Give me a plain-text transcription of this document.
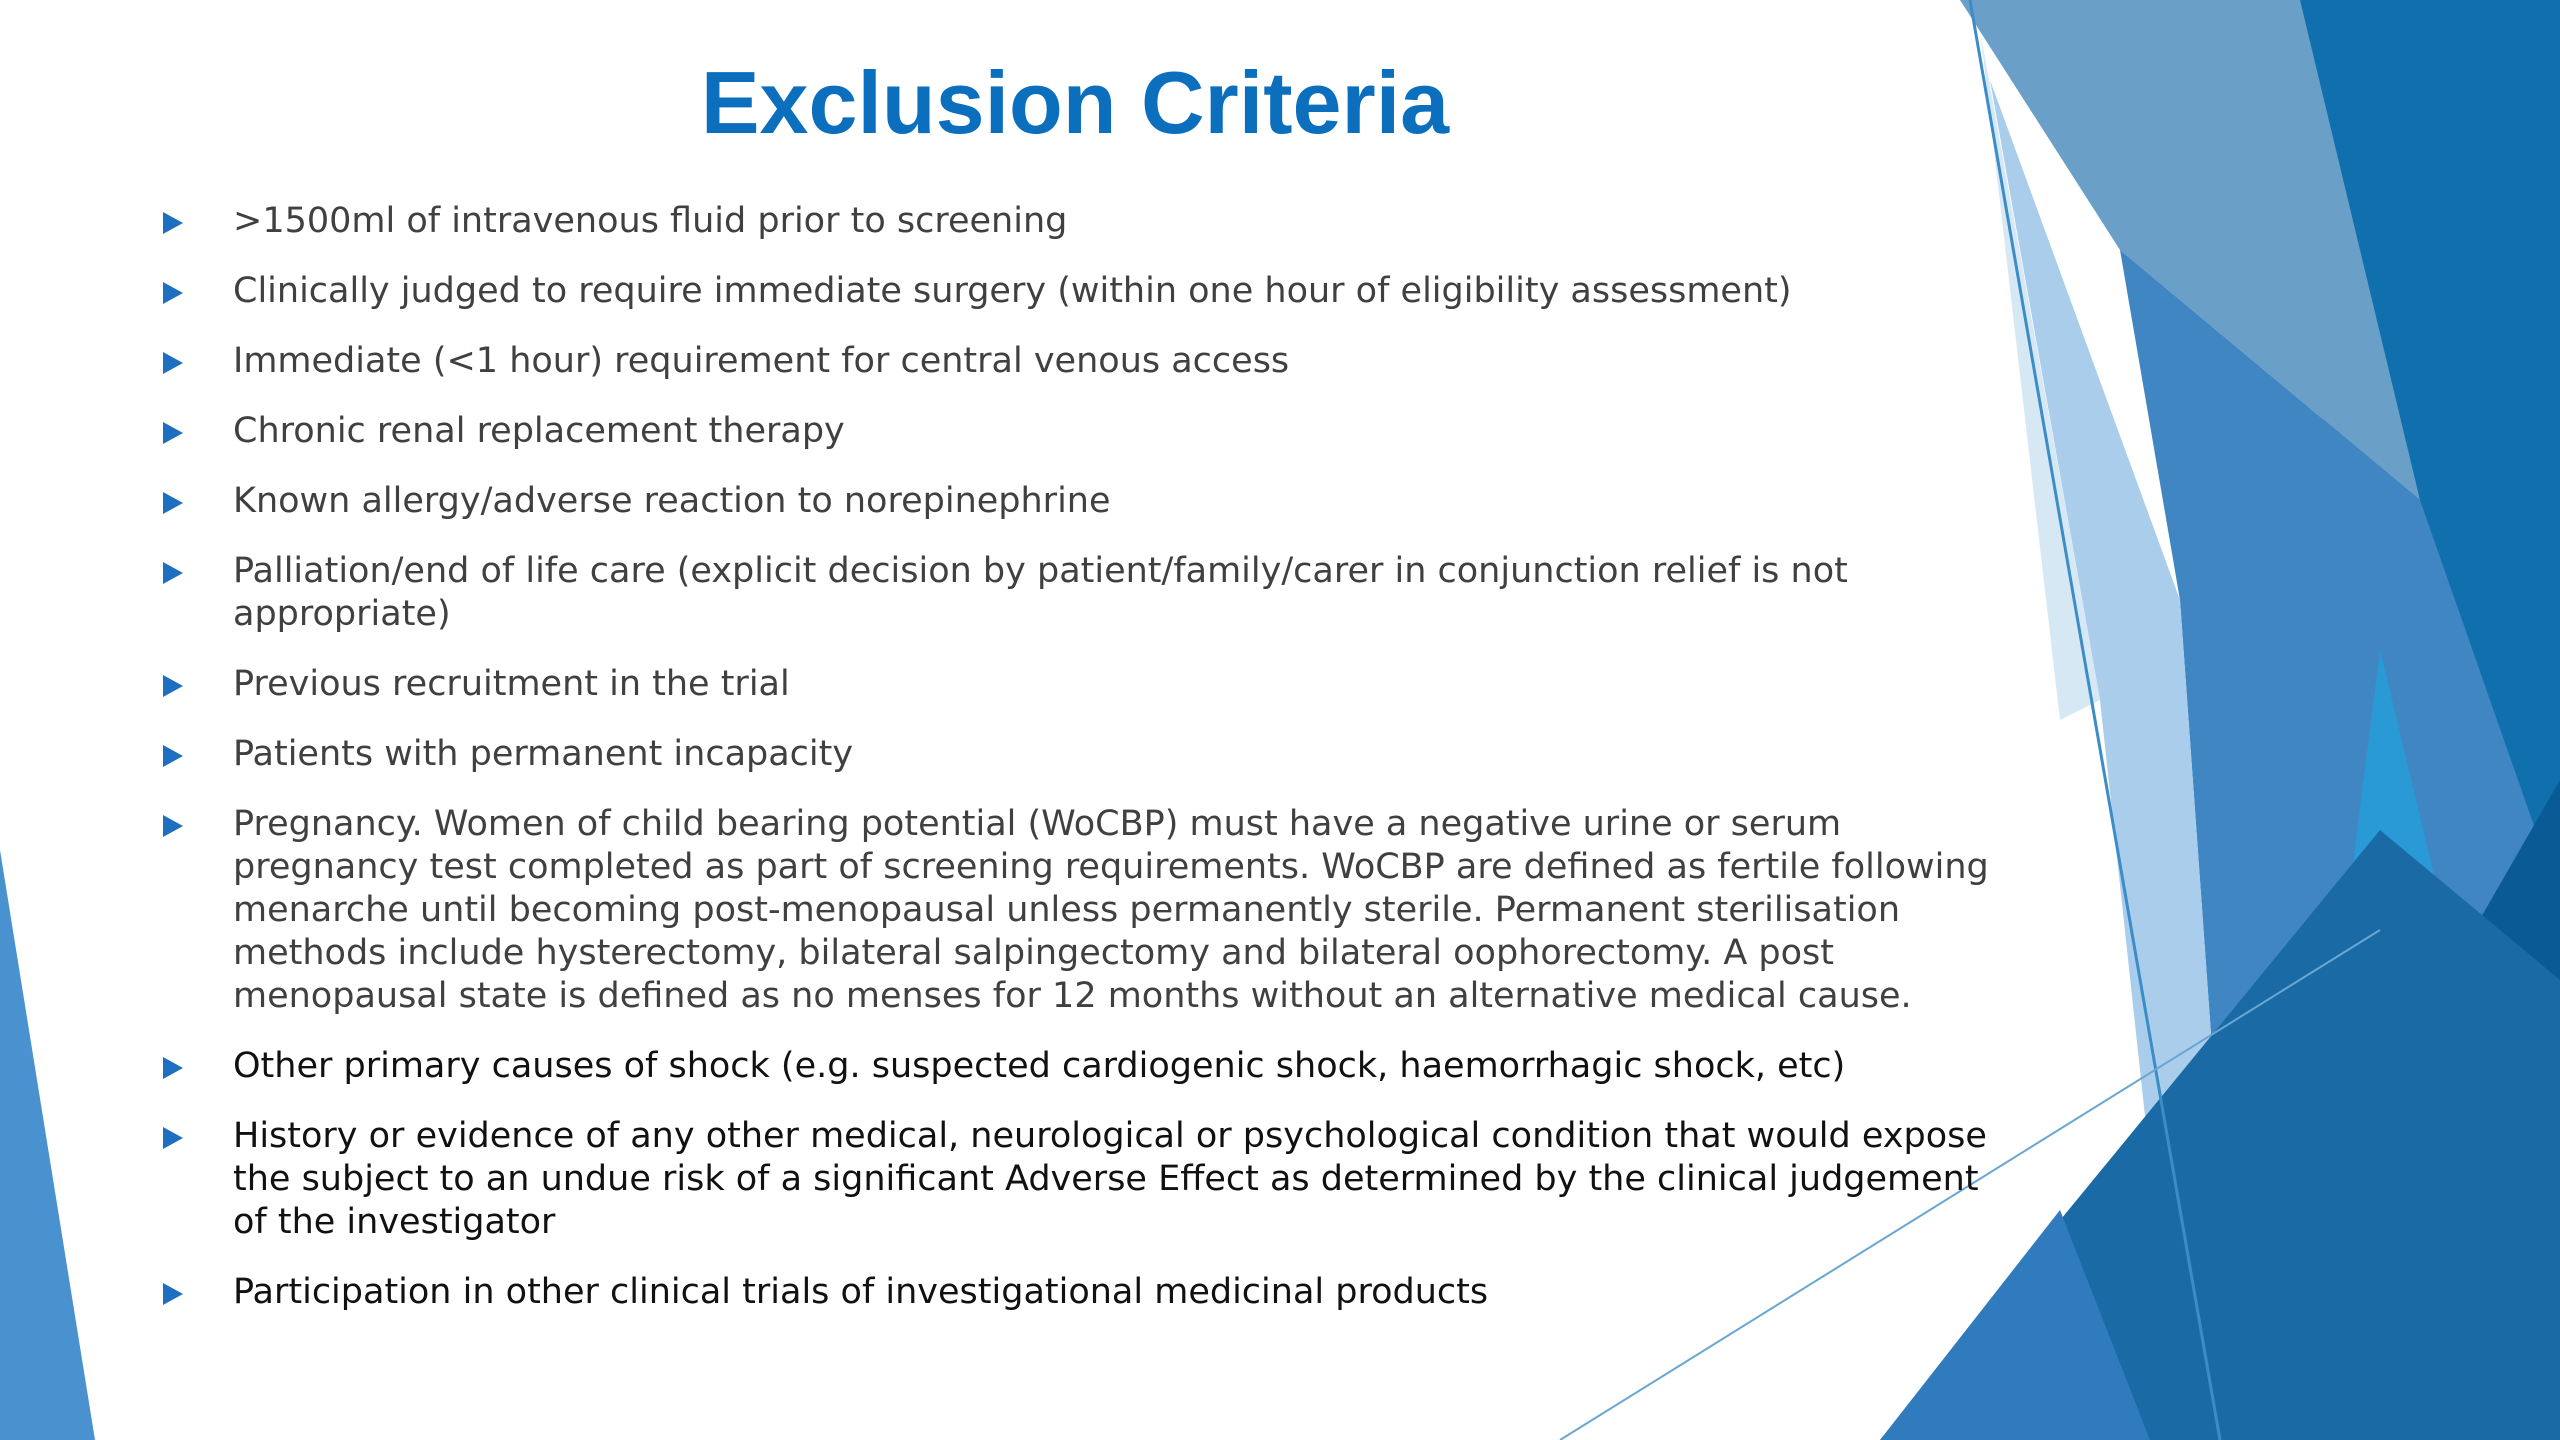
Exclusion Criteria
>1500ml of intravenous fluid prior to screening
Clinically judged to require immediate surgery (within one hour of eligibility assessment)
Immediate (<1 hour) requirement for central venous access
Chronic renal replacement therapy
Known allergy/adverse reaction to norepinephrine
Palliation/end of life care (explicit decision by patient/family/carer in conjunction relief is not appropriate)
Previous recruitment in the trial
Patients with permanent incapacity
Pregnancy. Women of child bearing potential (WoCBP) must have a negative urine or serum pregnancy test completed as part of screening requirements. WoCBP are defined as fertile following menarche until becoming post-menopausal unless permanently sterile. Permanent sterilisation methods include hysterectomy, bilateral salpingectomy and bilateral oophorectomy. A post menopausal state is defined as no menses for 12 months without an alternative medical cause.
Other primary causes of shock (e.g. suspected cardiogenic shock, haemorrhagic shock, etc)
History or evidence of any other medical, neurological or psychological condition that would expose the subject to an undue risk of a significant Adverse Effect as determined by the clinical judgement of the investigator
Participation in other clinical trials of investigational medicinal products
